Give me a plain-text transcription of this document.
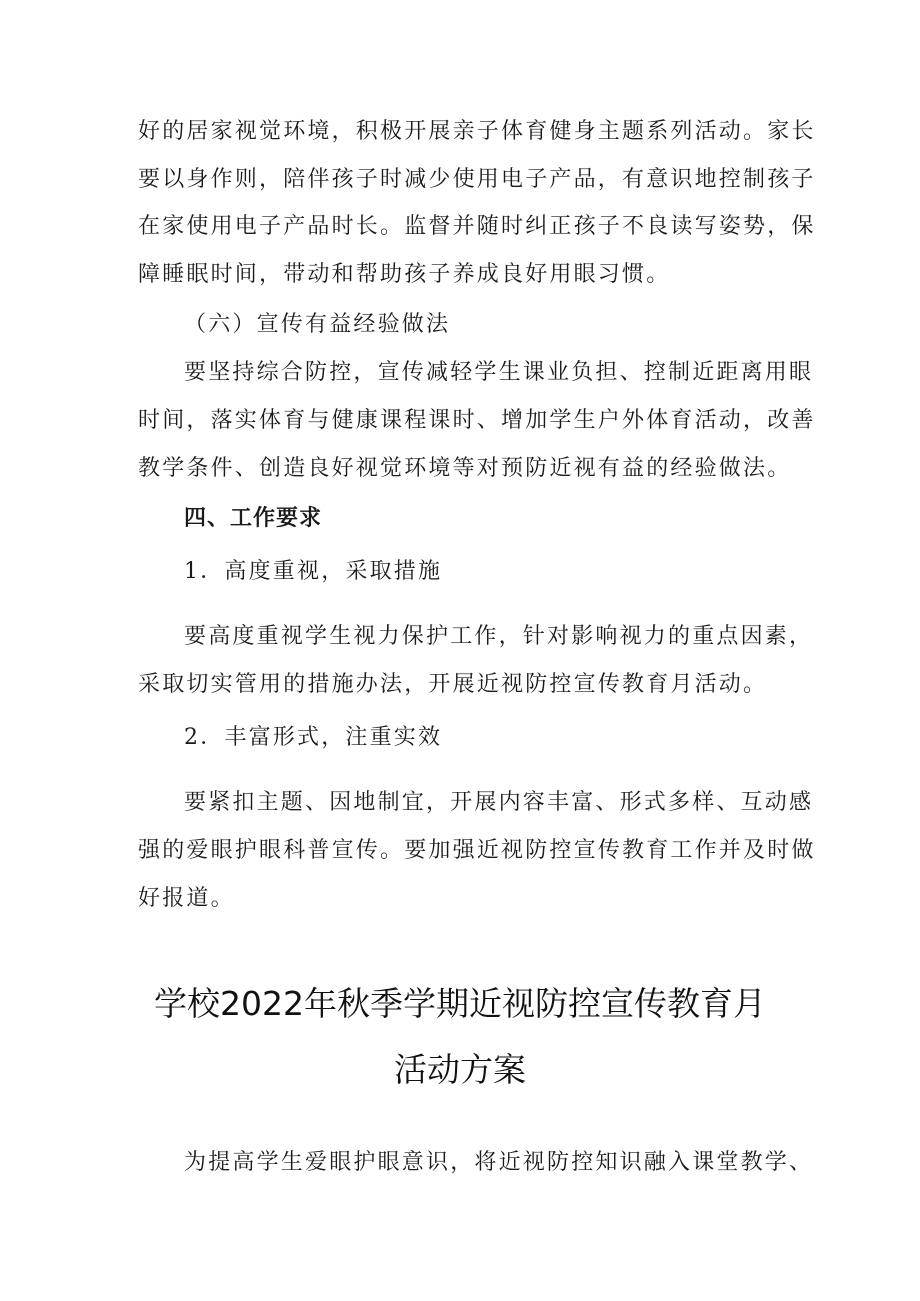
好的居家视觉环境，积极开展亲子体育健身主题系列活动。家长
要以身作则，陪伴孩子时减少使用电子产品，有意识地控制孩子
在家使用电子产品时长。监督并随时纠正孩子不良读写姿势，保
障睡眠时间，带动和帮助孩子养成良好用眼习惯。
（六）宣传有益经验做法
要坚持综合防控，宣传减轻学生课业负担、控制近距离用眼
时间，落实体育与健康课程课时、增加学生户外体育活动，改善
教学条件、创造良好视觉环境等对预防近视有益的经验做法。
四、工作要求
1．高度重视，采取措施
要高度重视学生视力保护工作，针对影响视力的重点因素，
采取切实管用的措施办法，开展近视防控宣传教育月活动。
2．丰富形式，注重实效
要紧扣主题、因地制宜，开展内容丰富、形式多样、互动感
强的爱眼护眼科普宣传。要加强近视防控宣传教育工作并及时做
好报道。
学校2022年秋季学期近视防控宣传教育月
活动方案
为提高学生爱眼护眼意识，将近视防控知识融入课堂教学、
